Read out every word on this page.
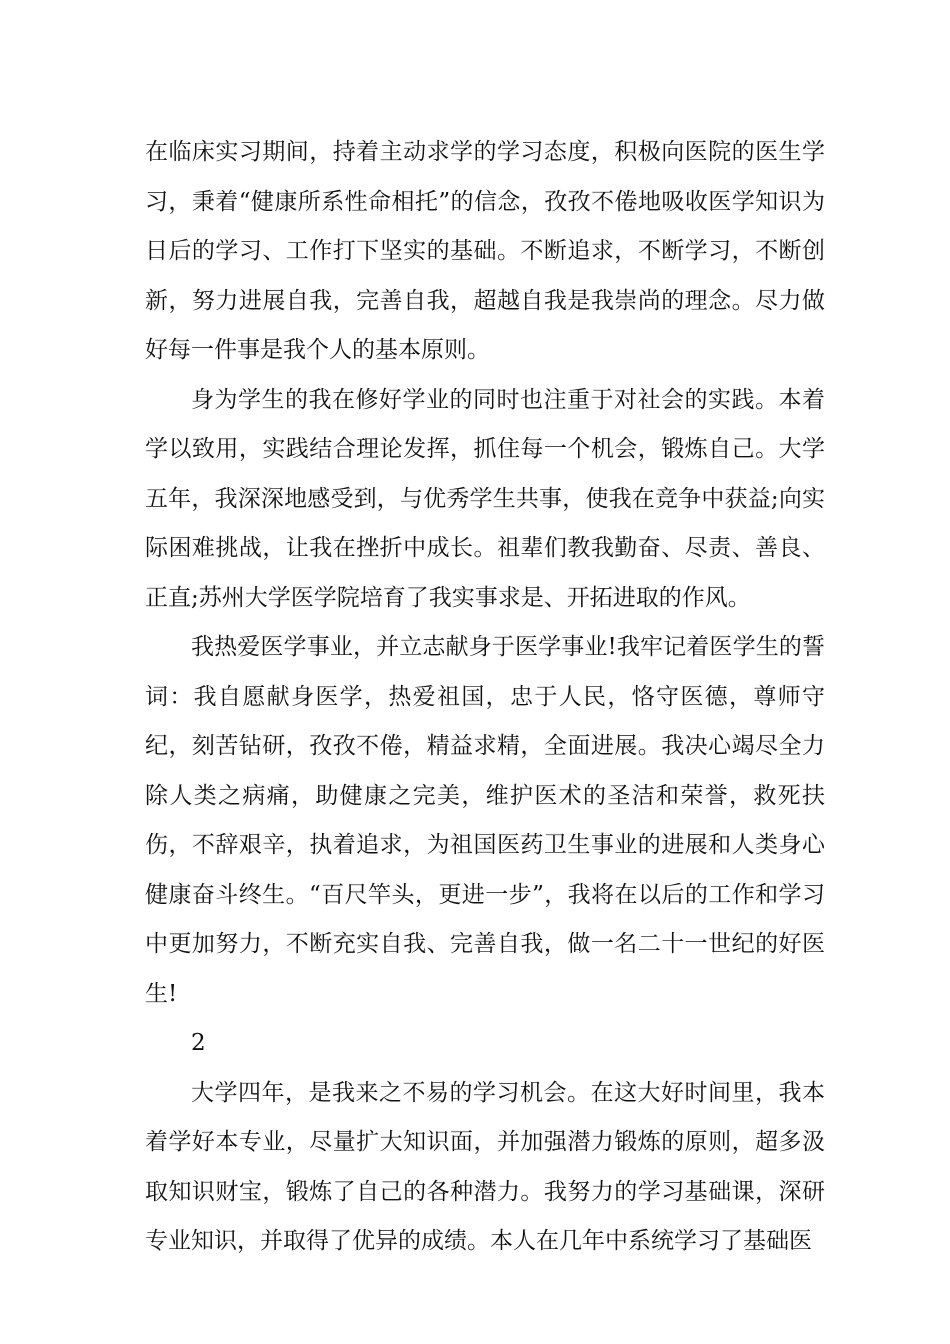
在临床实习期间，持着主动求学的学习态度，积极向医院的医生学习，秉着“健康所系性命相托”的信念，孜孜不倦地吸收医学知识为日后的学习、工作打下坚实的基础。不断追求，不断学习，不断创新，努力进展自我，完善自我，超越自我是我崇尚的理念。尽力做好每一件事是我个人的基本原则。

身为学生的我在修好学业的同时也注重于对社会的实践。本着学以致用，实践结合理论发挥，抓住每一个机会，锻炼自己。大学五年，我深深地感受到，与优秀学生共事，使我在竞争中获益;向实际困难挑战，让我在挫折中成长。祖辈们教我勤奋、尽责、善良、正直;苏州大学医学院培育了我实事求是、开拓进取的作风。

我热爱医学事业，并立志献身于医学事业!我牢记着医学生的誓词：我自愿献身医学，热爱祖国，忠于人民，恪守医德，尊师守纪，刻苦钻研，孜孜不倦，精益求精，全面进展。我决心竭尽全力除人类之病痛，助健康之完美，维护医术的圣洁和荣誉，救死扶伤，不辞艰辛，执着追求，为祖国医药卫生事业的进展和人类身心健康奋斗终生。“百尺竿头，更进一步”，我将在以后的工作和学习中更加努力，不断充实自我、完善自我，做一名二十一世纪的好医生!

2

大学四年，是我来之不易的学习机会。在这大好时间里，我本着学好本专业，尽量扩大知识面，并加强潜力锻炼的原则，超多汲取知识财宝，锻炼了自己的各种潜力。我努力的学习基础课，深研专业知识，并取得了优异的成绩。本人在几年中系统学习了基础医
